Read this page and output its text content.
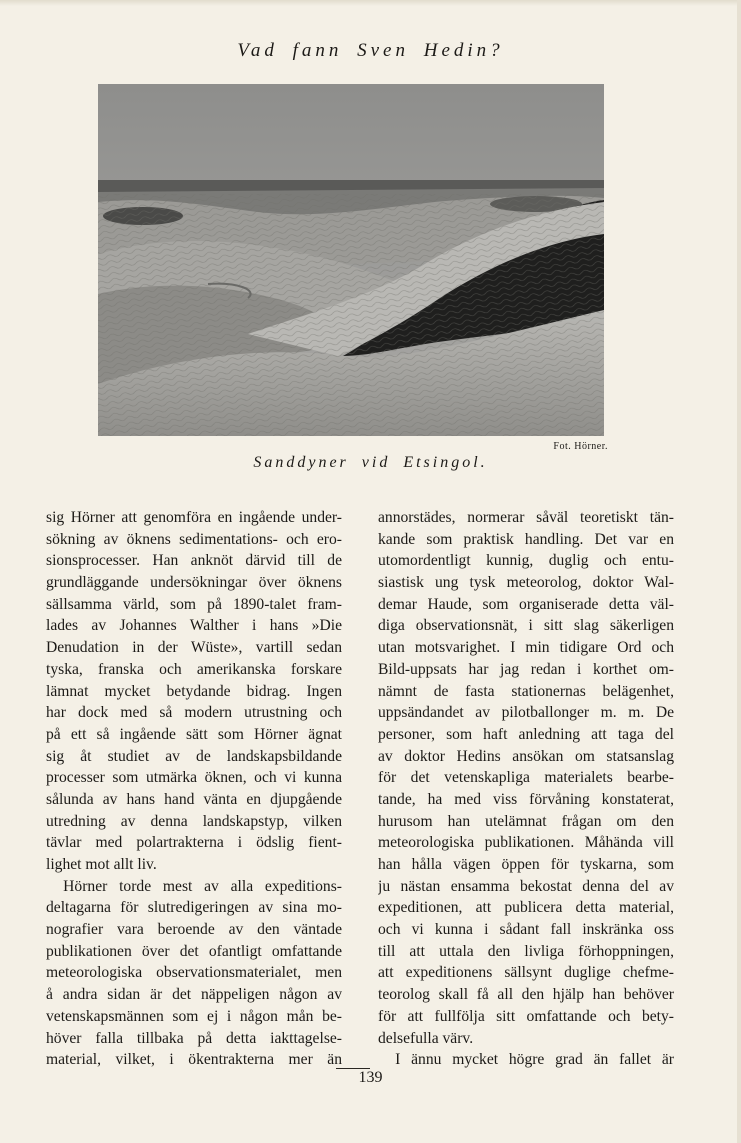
Vad fann Sven Hedin?
Fot. Hörner.
Sanddyner vid Etsingol.

sig Hörner att genomföra en ingående under-
sökning av öknens sedimentations- och ero-
sionsprocesser. Han anknöt därvid till de
grundläggande undersökningar över öknens
sällsamma värld, som på 1890-talet fram-
lades av Johannes Walther i hans »Die
Denudation in der Wüste», vartill sedan
tyska, franska och amerikanska forskare
lämnat mycket betydande bidrag. Ingen
har dock med så modern utrustning och
på ett så ingående sätt som Hörner ägnat
sig åt studiet av de landskapsbildande
processer som utmärka öknen, och vi kunna
sålunda av hans hand vänta en djupgående
utredning av denna landskapstyp, vilken
tävlar med polartrakterna i ödslig fient-
lighet mot allt liv.

Hörner torde mest av alla expeditions-
deltagarna för slutredigeringen av sina mo-
nografier vara beroende av den väntade
publikationen över det ofantligt omfattande
meteorologiska observationsmaterialet, men
å andra sidan är det näppeligen någon av
vetenskapsmännen som ej i någon mån be-
höver falla tillbaka på detta iakttagelse-
material, vilket, i ökentrakterna mer än

annorstädes, normerar såväl teoretiskt tän-
kande som praktisk handling. Det var en
utomordentligt kunnig, duglig och entu-
siastisk ung tysk meteorolog, doktor Wal-
demar Haude, som organiserade detta väl-
diga observationsnät, i sitt slag säkerligen
utan motsvarighet. I min tidigare Ord och
Bild-uppsats har jag redan i korthet om-
nämnt de fasta stationernas belägenhet,
uppsändandet av pilotballonger m. m. De
personer, som haft anledning att taga del
av doktor Hedins ansökan om statsanslag
för det vetenskapliga materialets bearbe-
tande, ha med viss förvåning konstaterat,
hurusom han utelämnat frågan om den
meteorologiska publikationen. Måhända vill
han hålla vägen öppen för tyskarna, som
ju nästan ensamma bekostat denna del av
expeditionen, att publicera detta material,
och vi kunna i sådant fall inskränka oss
till att uttala den livliga förhoppningen,
att expeditionens sällsynt duglige chefme-
teorolog skall få all den hjälp han behöver
för att fullfölja sitt omfattande och bety-
delsefulla värv.

I ännu mycket högre grad än fallet är

139
